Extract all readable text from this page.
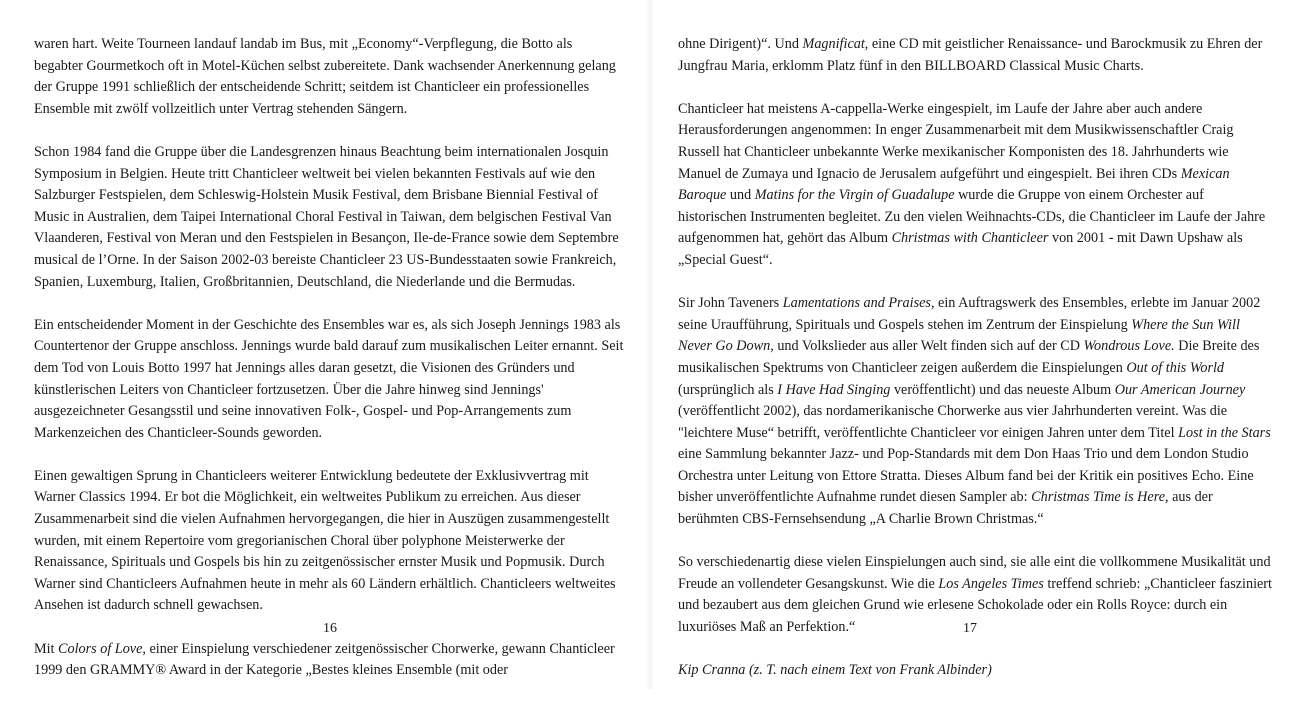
waren hart. Weite Tourneen landauf landab im Bus, mit „Economy“-Verpflegung, die Botto als begabter Gourmetkoch oft in Motel-Küchen selbst zubereitete. Dank wachsender Anerkennung gelang der Gruppe 1991 schließlich der entscheidende Schritt; seitdem ist Chanticleer ein professionelles Ensemble mit zwölf vollzeitlich unter Vertrag stehenden Sängern.

Schon 1984 fand die Gruppe über die Landesgrenzen hinaus Beachtung beim internationalen Josquin Symposium in Belgien. Heute tritt Chanticleer weltweit bei vielen bekannten Festivals auf wie den Salzburger Festspielen, dem Schleswig-Holstein Musik Festival, dem Brisbane Biennial Festival of Music in Australien, dem Taipei International Choral Festival in Taiwan, dem belgischen Festival Van Vlaanderen, Festival von Meran und den Festspielen in Besançon, Ile-de-France sowie dem Septembre musical de l’Orne. In der Saison 2002-03 bereiste Chanticleer 23 US-Bundesstaaten sowie Frankreich, Spanien, Luxemburg, Italien, Großbritannien, Deutschland, die Niederlande und die Bermudas.

Ein entscheidender Moment in der Geschichte des Ensembles war es, als sich Joseph Jennings 1983 als Countertenor der Gruppe anschloss. Jennings wurde bald darauf zum musikalischen Leiter ernannt. Seit dem Tod von Louis Botto 1997 hat Jennings alles daran gesetzt, die Visionen des Gründers und künstlerischen Leiters von Chanticleer fortzusetzen. Über die Jahre hinweg sind Jennings' ausgezeichneter Gesangsstil und seine innovativen Folk-, Gospel- und Pop-Arrangements zum Markenzeichen des Chanticleer-Sounds geworden.

Einen gewaltigen Sprung in Chanticleers weiterer Entwicklung bedeutete der Exklusivvertrag mit Warner Classics 1994. Er bot die Möglichkeit, ein weltweites Publikum zu erreichen. Aus dieser Zusammenarbeit sind die vielen Aufnahmen hervorgegangen, die hier in Auszügen zusammengestellt wurden, mit einem Repertoire vom gregorianischen Choral über polyphone Meisterwerke der Renaissance, Spirituals und Gospels bis hin zu zeitgenössischer ernster Musik und Popmusik. Durch Warner sind Chanticleers Aufnahmen heute in mehr als 60 Ländern erhältlich. Chanticleers weltweites Ansehen ist dadurch schnell gewachsen.

Mit Colors of Love, einer Einspielung verschiedener zeitgenössischer Chorwerke, gewann Chanticleer 1999 den GRAMMY® Award in der Kategorie „Bestes kleines Ensemble (mit oder

16

ohne Dirigent)“. Und Magnificat, eine CD mit geistlicher Renaissance- und Barockmusik zu Ehren der Jungfrau Maria, erklomm Platz fünf in den BILLBOARD Classical Music Charts.

Chanticleer hat meistens A-cappella-Werke eingespielt, im Laufe der Jahre aber auch andere Herausforderungen angenommen: In enger Zusammenarbeit mit dem Musikwissenschaftler Craig Russell hat Chanticleer unbekannte Werke mexikanischer Komponisten des 18. Jahrhunderts wie Manuel de Zumaya und Ignacio de Jerusalem aufgeführt und eingespielt. Bei ihren CDs Mexican Baroque und Matins for the Virgin of Guadalupe wurde die Gruppe von einem Orchester auf historischen Instrumenten begleitet. Zu den vielen Weihnachts-CDs, die Chanticleer im Laufe der Jahre aufgenommen hat, gehört das Album Christmas with Chanticleer von 2001 - mit Dawn Upshaw als „Special Guest“.

Sir John Taveners Lamentations and Praises, ein Auftragswerk des Ensembles, erlebte im Januar 2002 seine Uraufführung, Spirituals und Gospels stehen im Zentrum der Einspielung Where the Sun Will Never Go Down, und Volkslieder aus aller Welt finden sich auf der CD Wondrous Love. Die Breite des musikalischen Spektrums von Chanticleer zeigen außerdem die Einspielungen Out of this World (ursprünglich als I Have Had Singing veröffentlicht) und das neueste Album Our American Journey (veröffentlicht 2002), das nordamerikanische Chorwerke aus vier Jahrhunderten vereint. Was die "leichtere Muse“ betrifft, veröffentlichte Chanticleer vor einigen Jahren unter dem Titel Lost in the Stars eine Sammlung bekannter Jazz- und Pop-Standards mit dem Don Haas Trio und dem London Studio Orchestra unter Leitung von Ettore Stratta. Dieses Album fand bei der Kritik ein positives Echo. Eine bisher unveröffentlichte Aufnahme rundet diesen Sampler ab: Christmas Time is Here, aus der berühmten CBS-Fernsehsendung „A Charlie Brown Christmas.“

So verschiedenartig diese vielen Einspielungen auch sind, sie alle eint die vollkommene Musikalität und Freude an vollendeter Gesangskunst. Wie die Los Angeles Times treffend schrieb: „Chanticleer fasziniert und bezaubert aus dem gleichen Grund wie erlesene Schokolade oder ein Rolls Royce: durch ein luxuriöses Maß an Perfektion.“

Kip Cranna (z. T. nach einem Text von Frank Albinder)

17
